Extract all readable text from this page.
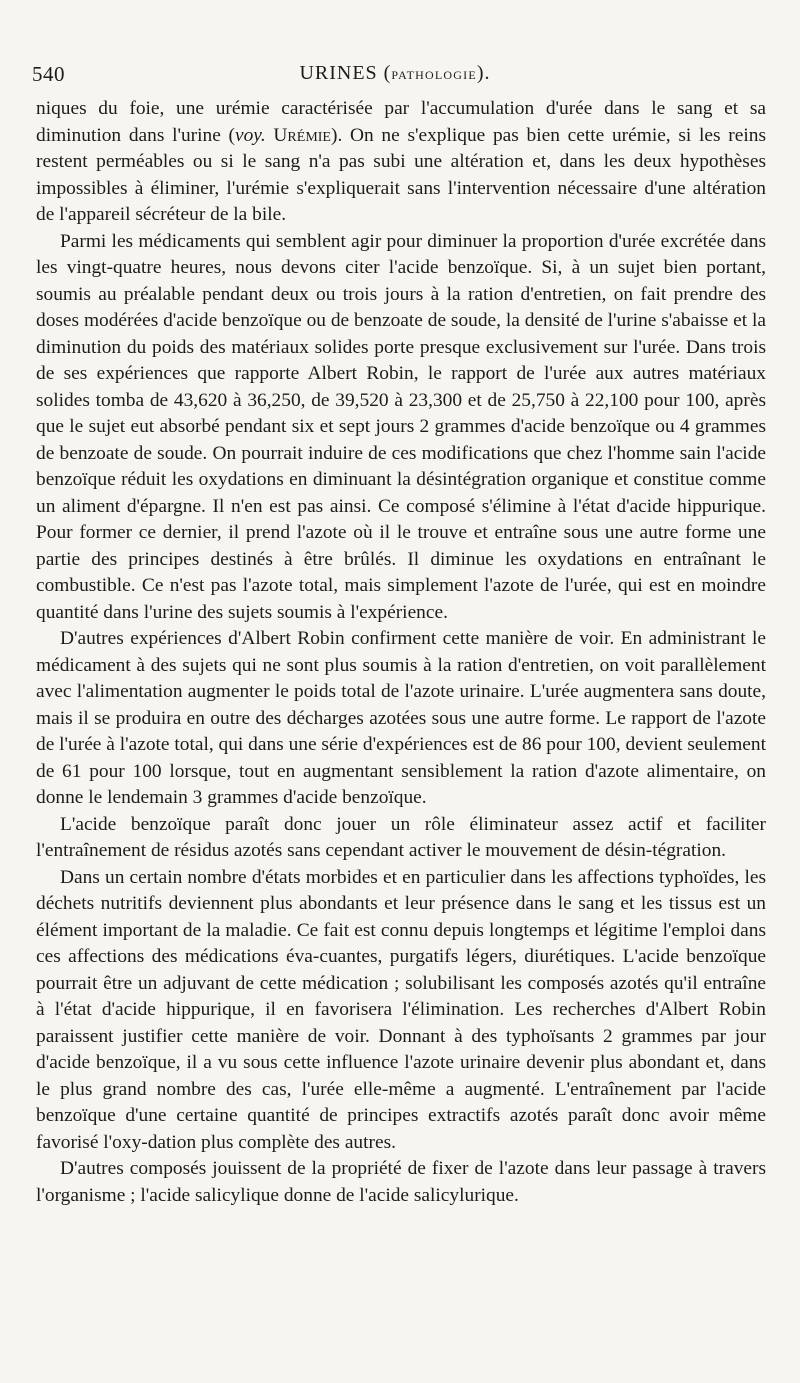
540	URINES (pathologie).

niques du foie, une urémie caractérisée par l'accumulation d'urée dans le sang et sa diminution dans l'urine (voy. Urémie). On ne s'explique pas bien cette urémie, si les reins restent perméables ou si le sang n'a pas subi une altération et, dans les deux hypothèses impossibles à éliminer, l'urémie s'expliquerait sans l'intervention nécessaire d'une altération de l'appareil sécréteur de la bile.

Parmi les médicaments qui semblent agir pour diminuer la proportion d'urée excrétée dans les vingt-quatre heures, nous devons citer l'acide benzoïque. Si, à un sujet bien portant, soumis au préalable pendant deux ou trois jours à la ration d'entretien, on fait prendre des doses modérées d'acide benzoïque ou de benzoate de soude, la densité de l'urine s'abaisse et la diminution du poids des matériaux solides porte presque exclusivement sur l'urée. Dans trois de ses expériences que rapporte Albert Robin, le rapport de l'urée aux autres matériaux solides tomba de 43,620 à 36,250, de 39,520 à 23,300 et de 25,750 à 22,100 pour 100, après que le sujet eut absorbé pendant six et sept jours 2 grammes d'acide benzoïque ou 4 grammes de benzoate de soude. On pourrait induire de ces modifications que chez l'homme sain l'acide benzoïque réduit les oxydations en diminuant la désintégration organique et constitue comme un aliment d'épargne. Il n'en est pas ainsi. Ce composé s'élimine à l'état d'acide hippurique. Pour former ce dernier, il prend l'azote où il le trouve et entraîne sous une autre forme une partie des principes destinés à être brûlés. Il diminue les oxydations en entraînant le combustible. Ce n'est pas l'azote total, mais simplement l'azote de l'urée, qui est en moindre quantité dans l'urine des sujets soumis à l'expérience.

D'autres expériences d'Albert Robin confirment cette manière de voir. En administrant le médicament à des sujets qui ne sont plus soumis à la ration d'entretien, on voit parallèlement avec l'alimentation augmenter le poids total de l'azote urinaire. L'urée augmentera sans doute, mais il se produira en outre des décharges azotées sous une autre forme. Le rapport de l'azote de l'urée à l'azote total, qui dans une série d'expériences est de 86 pour 100, devient seulement de 61 pour 100 lorsque, tout en augmentant sensiblement la ration d'azote alimentaire, on donne le lendemain 3 grammes d'acide benzoïque.

L'acide benzoïque paraît donc jouer un rôle éliminateur assez actif et faciliter l'entraînement de résidus azotés sans cependant activer le mouvement de désin-tégration.

Dans un certain nombre d'états morbides et en particulier dans les affections typhoïdes, les déchets nutritifs deviennent plus abondants et leur présence dans le sang et les tissus est un élément important de la maladie. Ce fait est connu depuis longtemps et légitime l'emploi dans ces affections des médications éva-cuantes, purgatifs légers, diurétiques. L'acide benzoïque pourrait être un adjuvant de cette médication ; solubilisant les composés azotés qu'il entraîne à l'état d'acide hippurique, il en favorisera l'élimination. Les recherches d'Albert Robin paraissent justifier cette manière de voir. Donnant à des typhoïsants 2 grammes par jour d'acide benzoïque, il a vu sous cette influence l'azote urinaire devenir plus abondant et, dans le plus grand nombre des cas, l'urée elle-même a augmenté. L'entraînement par l'acide benzoïque d'une certaine quantité de principes extractifs azotés paraît donc avoir même favorisé l'oxy-dation plus complète des autres.

D'autres composés jouissent de la propriété de fixer de l'azote dans leur passage à travers l'organisme ; l'acide salicylique donne de l'acide salicylurique.
